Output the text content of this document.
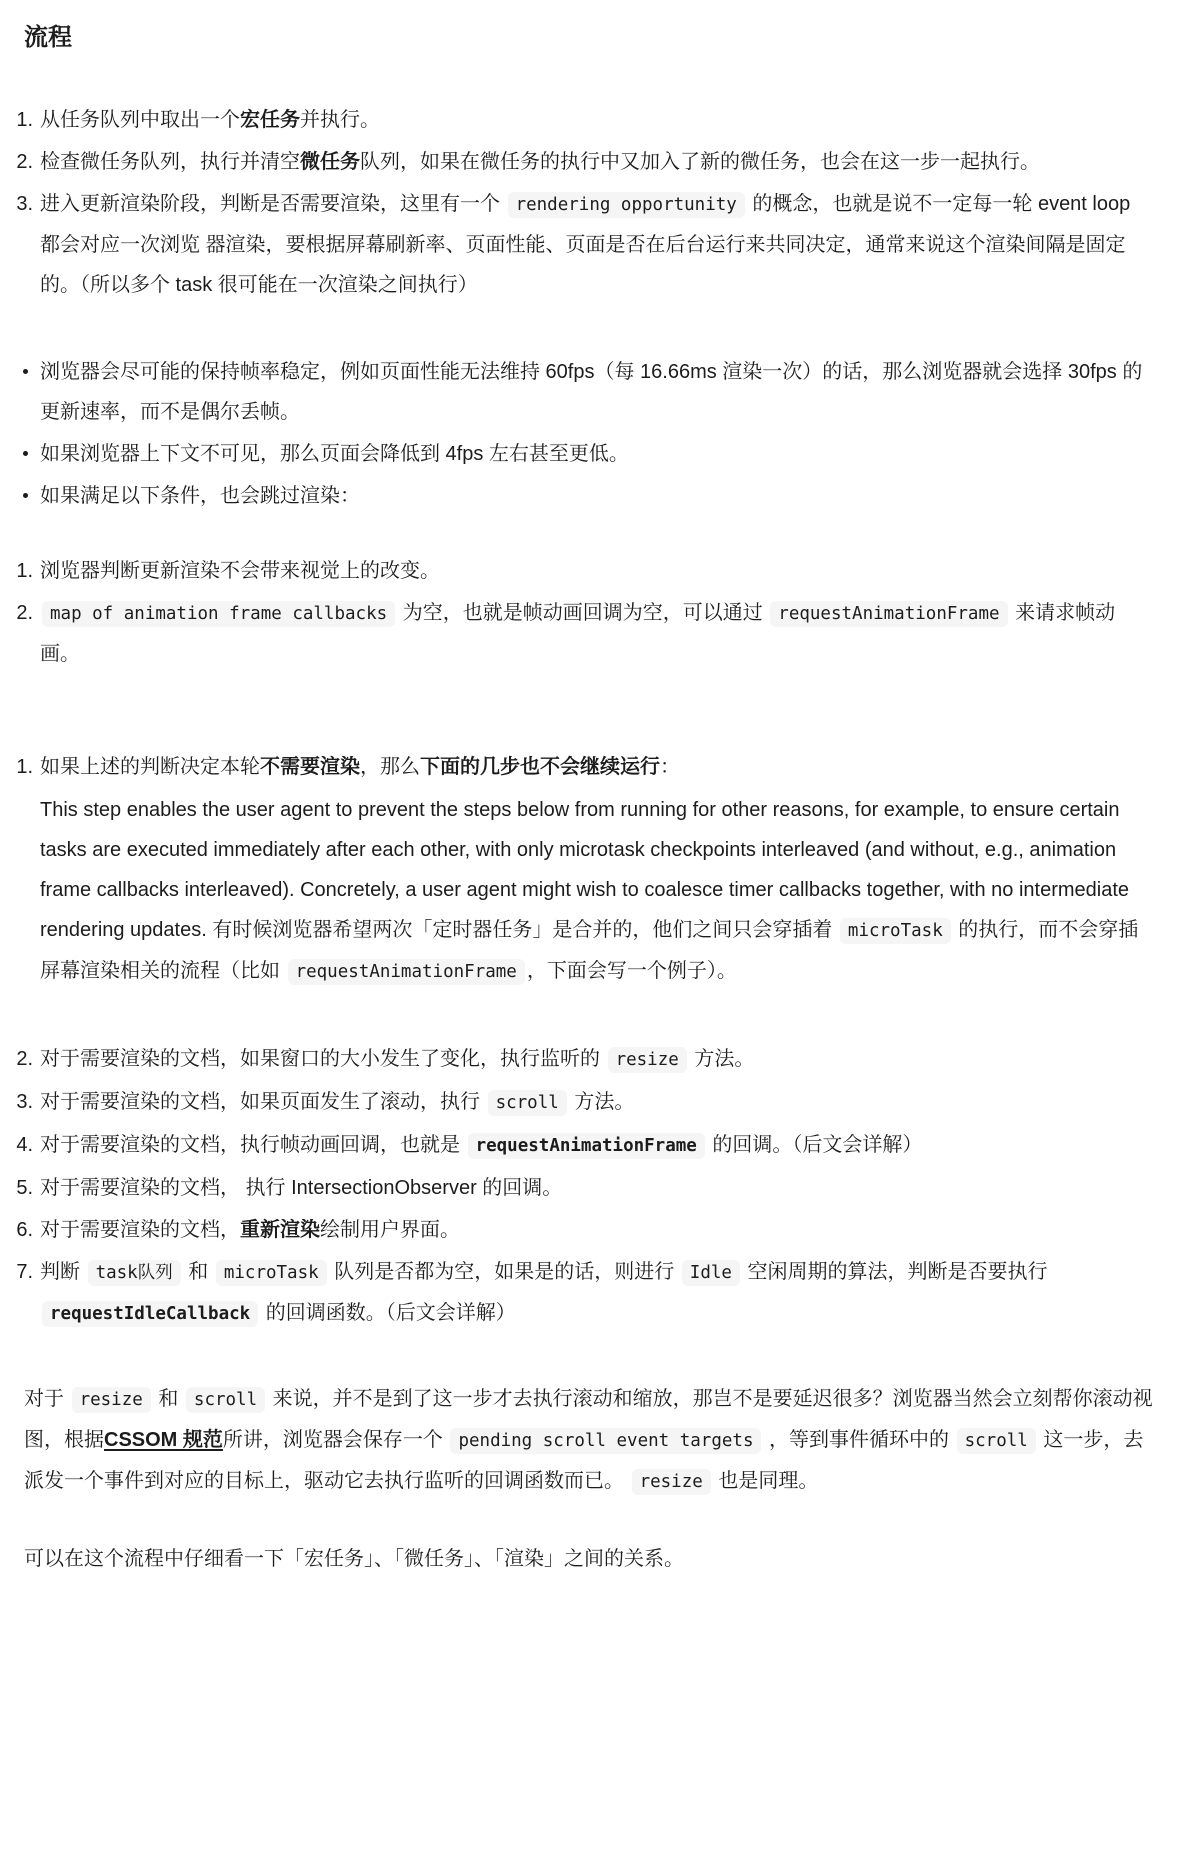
流程
从任务队列中取出一个宏任务并执行。
检查微任务队列，执行并清空微任务队列，如果在微任务的执行中又加入了新的微任务，也会在这一步一起执行。
进入更新渲染阶段，判断是否需要渲染，这里有一个 rendering opportunity 的概念，也就是说不一定每一轮 event loop 都会对应一次浏览 器渲染，要根据屏幕刷新率、页面性能、页面是否在后台运行来共同决定，通常来说这个渲染间隔是固定的。（所以多个 task 很可能在一次渲染之间执行）
浏览器会尽可能的保持帧率稳定，例如页面性能无法维持 60fps（每 16.66ms 渲染一次）的话，那么浏览器就会选择 30fps 的更新速率，而不是偶尔丢帧。
如果浏览器上下文不可见，那么页面会降低到 4fps 左右甚至更低。
如果满足以下条件，也会跳过渲染：
浏览器判断更新渲染不会带来视觉上的改变。
map of animation frame callbacks 为空，也就是帧动画回调为空，可以通过 requestAnimationFrame 来请求帧动画。
如果上述的判断决定本轮不需要渲染，那么下面的几步也不会继续运行：

This step enables the user agent to prevent the steps below from running for other reasons, for example, to ensure certain tasks are executed immediately after each other, with only microtask checkpoints interleaved (and without, e.g., animation frame callbacks interleaved). Concretely, a user agent might wish to coalesce timer callbacks together, with no intermediate rendering updates. 有时候浏览器希望两次「定时器任务」是合并的，他们之间只会穿插着 microTask 的执行，而不会穿插屏幕渲染相关的流程（比如 requestAnimationFrame ，下面会写一个例子）。

对于需要渲染的文档，如果窗口的大小发生了变化，执行监听的 resize 方法。
对于需要渲染的文档，如果页面发生了滚动，执行 scroll 方法。
对于需要渲染的文档，执行帧动画回调，也就是 requestAnimationFrame 的回调。（后文会详解）
对于需要渲染的文档， 执行 IntersectionObserver 的回调。
对于需要渲染的文档，重新渲染绘制用户界面。
判断 task队列 和 microTask 队列是否都为空，如果是的话，则进行 Idle 空闲周期的算法，判断是否要执行 requestIdleCallback 的回调函数。（后文会详解）

对于 resize 和 scroll 来说，并不是到了这一步才去执行滚动和缩放，那岂不是要延迟很多？浏览器当然会立刻帮你滚动视图，根据CSSOM 规范所讲，浏览器会保存一个 pending scroll event targets ，等到事件循环中的 scroll 这一步，去派发一个事件到对应的目标上，驱动它去执行监听的回调函数而已。 resize 也是同理。

可以在这个流程中仔细看一下「宏任务」、「微任务」、「渲染」之间的关系。
